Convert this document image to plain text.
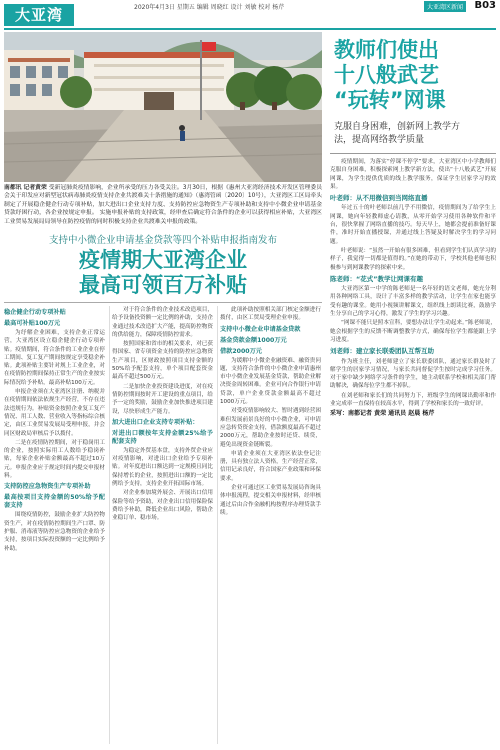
大亚湾	2020年4月3日 星期五 编辑 周晓红 设计 刘敏 校对 杨芹	大亚湾区新闻	B03
南都讯 记者黄荣 受新冠肺炎疫情影响，企业所承受的压力各受关注。3月30日，根据《惠州大亚湾经济技术开发区管理委员会关于印发应对新型冠状病毒肺炎疫情支持企业共渡难关十条措施的通知》（惠湾管函〔2020〕10号），大亚湾区工区局牵头制定了开展稳企健企行动专项补贴，加大进出口企业支持力度、支持防控应急物资生产专项补助和支持中小微企业申请基金贷款纾困行动，各企业按规定申报。 实施申报补贴的支持政策，经审查后确定符合条件的企业可以获得相应补贴，大亚湾区工业贸易发展局局领导在防控疫情的同时积极支持企业共渡难关申报的政策。
支持中小微企业申请基金贷款等四个补贴申报指南发布
疫情期大亚湾企业
最高可领百万补贴
稳企健企行动专项补贴
最高可补贴100万元

为纾解企业困难，支持企业正常运营，大亚湾区设立稳企健企行动专项补贴。疫情期间，符合条件的工业企业在停工期间、复工复产期间按规定享受稳企补贴。此项补贴主要针对规上工业企业，对在疫情防控期间保持正常生产的企业按实际情况给予补贴，最高补贴100万元。

申报企业须在大亚湾区注册、纳税并在疫情期间依法依规生产经营，不存在违法违规行为。补贴资金按照企业复工复产情况、用工人数、营业收入等指标综合核定，由区工业贸易发展局受理申报，并会同区财政局审核后予以拨付。

二是在疫情防控期间，对于稳岗用工的企业，按照实际用工人数给予稳岗补贴，每家企业补贴金额最高不超过10万元。申报企业应于规定时间内提交申报材料。

支持防控应急物资生产专项补助
最高按项目支持金额的50%给予配套支持

围绕疫情防控，鼓励企业扩大防控物资生产，对在疫情防控期间生产口罩、防护服、消毒液等防控应急物资的企业给予支持，按项目实际投资额的一定比例给予补助。

对于符合条件的企业技术改造项目，给予设备投资额一定比例的补助，支持企业通过技术改造扩大产能，提高防控物资的供给能力，保障疫情防控需求。

按照国家和省市的相关要求，对已获得国家、省专项资金支持的防控应急物资生产项目，区财政按照项目支持金额的50%给予配套支持，单个项目配套资金最高不超过500万元。

二是加快企业投资建设进度，对在疫情防控期间按时开工建设的重点项目，给予一定的奖励，鼓励企业加快推进项目建设，尽快形成生产能力。

加大进出口企业支持专项补贴：
对进出口额按年支持金额25%给予配套支持

为稳定外贸基本盘，支持外贸企业应对疫情影响，对进出口企业给予专项补贴。对年度进出口额达到一定规模且同比保持增长的企业，按照进出口额的一定比例给予支持，支持企业开拓国际市场。

对企业参加境外展会、开展出口信用保险等给予资助，对企业出口信用保险保费给予补助，降低企业出口风险，帮助企业稳订单、稳市场。

此项补助按照相关部门核定金额进行拨付，由区工贸局受理企业申报。

支持中小微企业申请基金贷款
基金贷款金额1000万元
借款2000万元

为缓解中小微企业融资难、融资贵问题，支持符合条件的中小微企业申请惠州市中小微企业发展基金贷款，帮助企业解决资金周转困难。企业可向合作银行申请贷款，单户企业贷款金额最高不超过1000万元。

对受疫情影响较大、暂时遇到经营困难但发展前景良好的中小微企业，可申请应急转贷资金支持，借款额度最高不超过2000万元，帮助企业按时还贷、续贷，避免出现资金链断裂。

申请企业须在大亚湾区依法登记注册，具有独立法人资格，生产经营正常，信用记录良好，符合国家产业政策和环保要求。

企业可通过区工业贸易发展局咨询具体申报流程，提交相关申报材料，经审核通过后由合作金融机构按程序办理贷款手续。

教师们使出
十八般武艺
“玩转”网课
克服自身困难，创新网上教学方
法，提高网络教学质量

疫情期间，为落实“停课不停学”要求，大亚湾区中小学教师们克服自身困难，积极探索网上教学新方法，使出“十八般武艺”开展网课，为学生提供优质的线上教学服务，保证学生居家学习的效果。

叶老师：从不用微信到当网络直播

年过五十的叶老师以前几乎不用微信，疫情期间为了给学生上网课，她向年轻教师虚心请教，从零开始学习使用各种软件和平台，很快掌握了网络直播的技巧。每天早上，她都会提前准备好课件，准时开始直播授课，并通过线上答疑及时解决学生的学习问题。

叶老师说：“虽然一开始有很多困难，但看到学生们认真学习的样子，我觉得一切都是值得的。”在她的带动下，学校其他老师也积极参与到网课教学的探索中来。

陈老师：“花式”教学让网课有趣

大亚湾区第一中学的陈老师是一名年轻的语文老师，她充分利用各种网络工具，设计了丰富多样的教学活动，让学生在家也能享受有趣的课堂。她用小视频讲解课文，组织线上朗读比赛，鼓励学生分享自己的学习心得，激发了学生的学习兴趣。

“网课不能只是照本宣科，要想办法让学生动起来。”陈老师说，她会根据学生的反馈不断调整教学方式，确保每位学生都能跟上学习进度。

刘老师：建立家长联委团队互帮互助

作为班主任，刘老师建立了家长联委团队，通过家长群及时了解学生的居家学习情况，与家长共同督促学生按时完成学习任务。对于家中缺少网络学习条件的学生，她主动联系学校和相关部门帮助解决，确保每位学生都不掉队。

在刘老师和家长们的共同努力下，班级学生的网课出勤率和作业完成率一直保持在较高水平，得到了学校和家长的一致好评。

采写：南都记者 黄荣 通讯员 赵晨 杨芹
